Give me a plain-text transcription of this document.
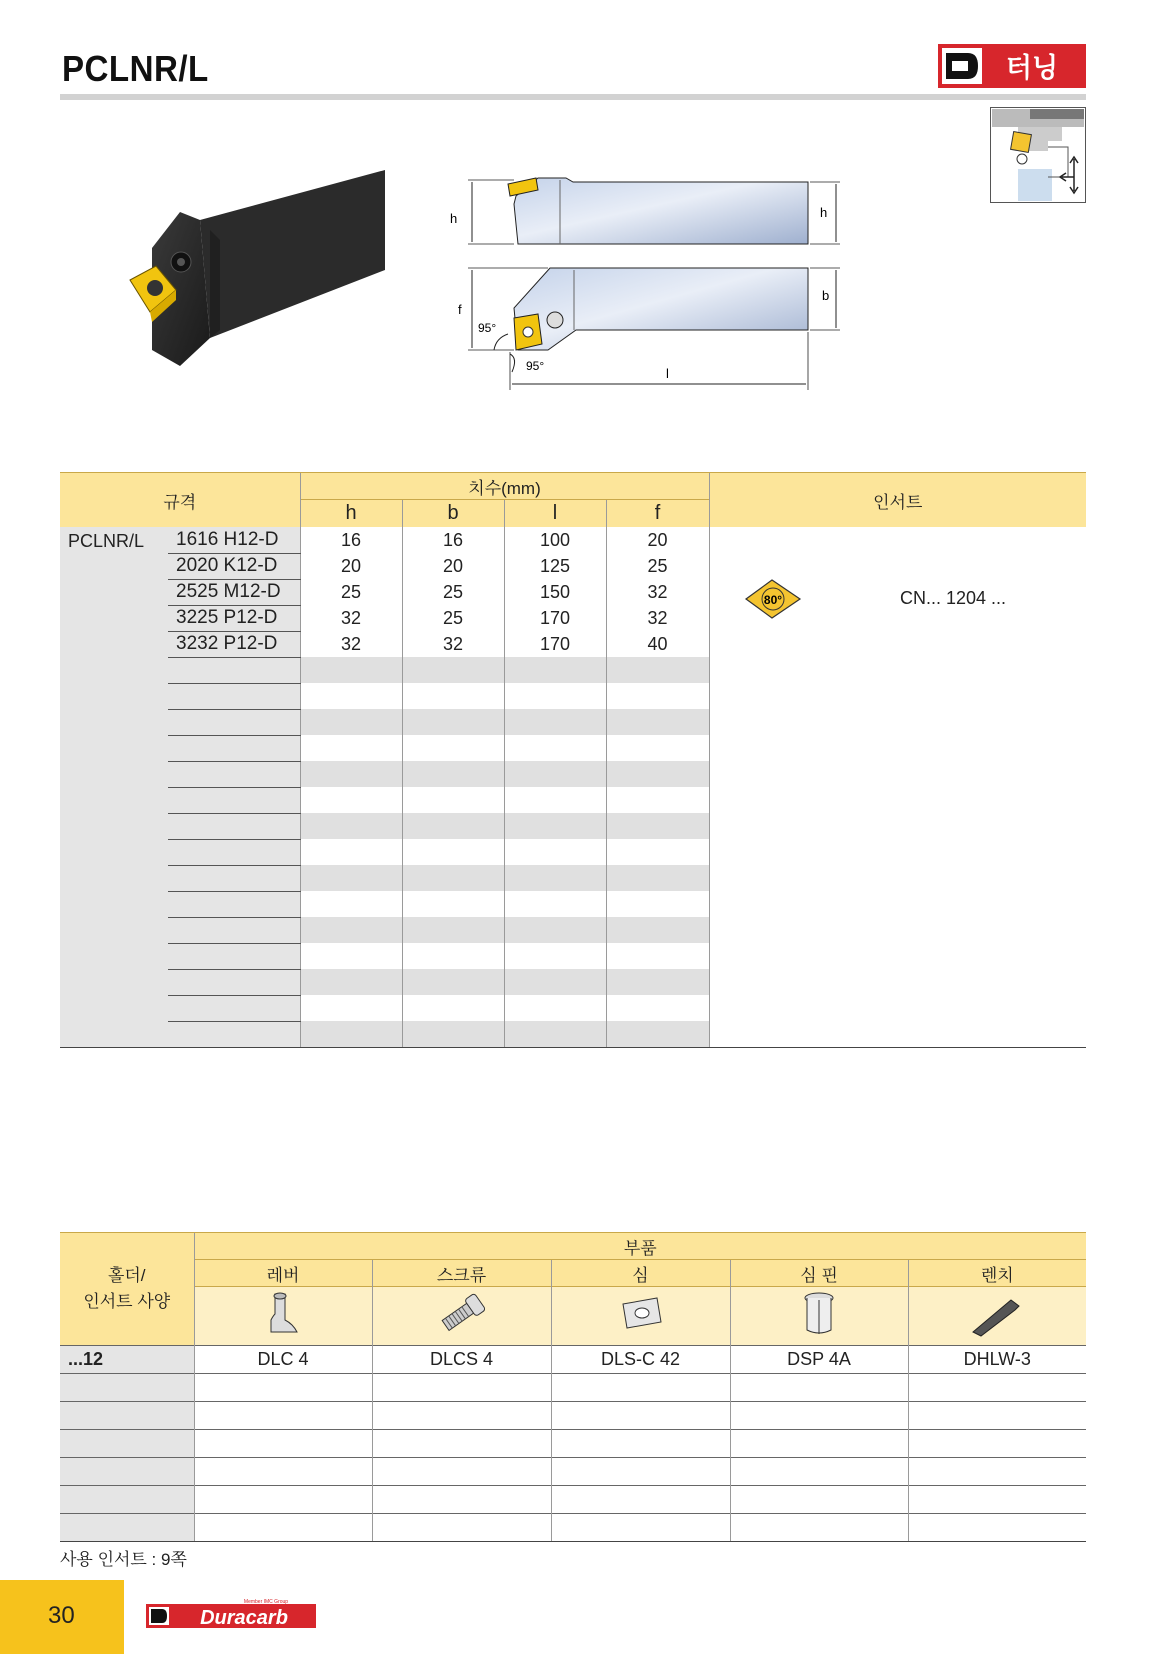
PCLNR/L	터닝
h	h
f
b
l
95°
95°
규격		치수(mm)				인서트
		h	b	l	f	
PCLNR/L	1616 H12-D	16	16	100	20	
	2020 K12-D	20	20	125	25	
	2525 M12-D	25	25	150	32	
	3225 P12-D	32	25	170	32	
	3232 P12-D	32	32	170	40	

80°	CN... 1204 ...
홀더/
인서트 사양	부품				
	레버	스크류	심	심 핀	렌치

...12	DLC 4	DLCS 4	DLS-C 42	DSP 4A	DHLW-3

사용 인서트 : 9쪽
30	Duracarb
Member IMC Group
